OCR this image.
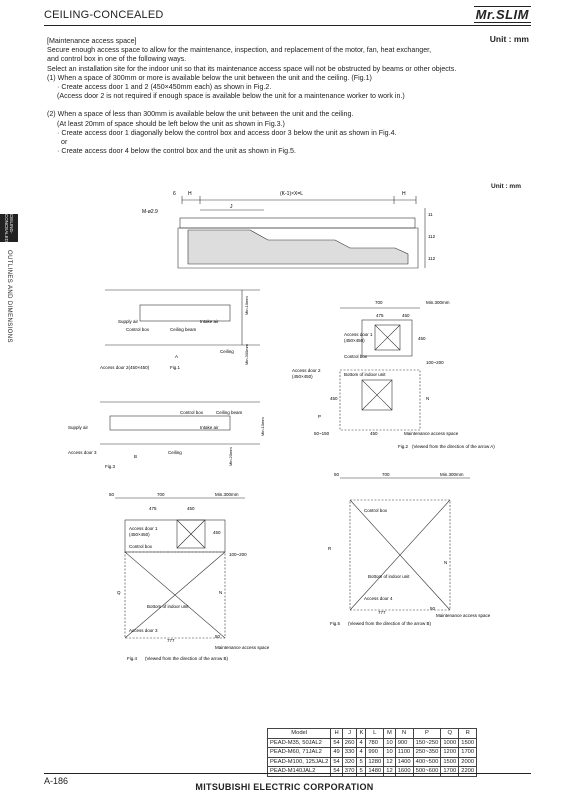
CEILING-CONCEALED	Mr.SLIM
Unit : mm
CEILING-CONCEALED
OUTLINES AND DIMENSIONS
[Maintenance access space]
Secure enough access space to allow for the maintenance, inspection, and replacement of the motor, fan, heat exchanger,
and control box in one of the following ways.
Select an installation site for the indoor unit so that its maintenance access space will not be obstructed by beams or other objects.
(1) When a space of 300mm or more is available below the unit between the unit and the ceiling. (Fig.1)
· Create access door 1 and 2 (450×450mm each) as shown in Fig.2.
(Access door 2 is not required if enough space is available below the unit for a maintenance worker to work in.)
(2) When a space of less than 300mm is available below the unit between the unit and the ceiling.
(At least 20mm of space should be left below the unit as shown in Fig.3.)
· Create access door 1 diagonally below the control box and access door 3 below the unit as shown in Fig.4.
or
· Create access door 4 below the control box and the unit as shown in Fig.5.
Unit : mm
6 H	(K-1)×X=L	H
J
M-ø2.9	11
112
112
Supply air	Intake air
Control box	Ceiling beam
Ceiling
A
Access door 2(450×450)	Fig.1
Min.10mm
Min.300mm
700	Min.300mm
475	450
Access door 1
(450×450)
Control box
450
100~200
Bottom of indoor unit
Access door 2
(450×450)
450
P
N
50~150	450	Maintenance access space
Fig.2 (Viewed from the direction of the arrow A)
Control box	Ceiling beam
Supply air	Intake air
Access door 3
B
Ceiling
Fig.3
Min.20mm
Min.10mm
50	700	Min.300mm
475	450
Access door 1
(450×450)	450
Control box
100~200
Q	N
Bottom of indoor unit
Access door 3
777
50
Maintenance access space
Fig.4 (Viewed from the direction of the arrow B)
50	700	Min.300mm
Control box
R
N
Bottom of indoor unit
Access door 4
777
50
Maintenance access space
Fig.5 (Viewed from the direction of the arrow B)
Model	H	J	K	L	M	N	P	Q	R
PEAD-M35, 50JAL2	54	260	4	780	10	900	150~250	1000	1500
PEAD-M60, 71JAL2	49	330	4	990	10	1100	250~350	1200	1700
PEAD-M100, 125JAL2	54	320	5	1280	12	1400	400~500	1500	2000
PEAD-M140JAL2	54	370	5	1480	12	1600	500~600	1700	2200
A-186
MITSUBISHI ELECTRIC CORPORATION
